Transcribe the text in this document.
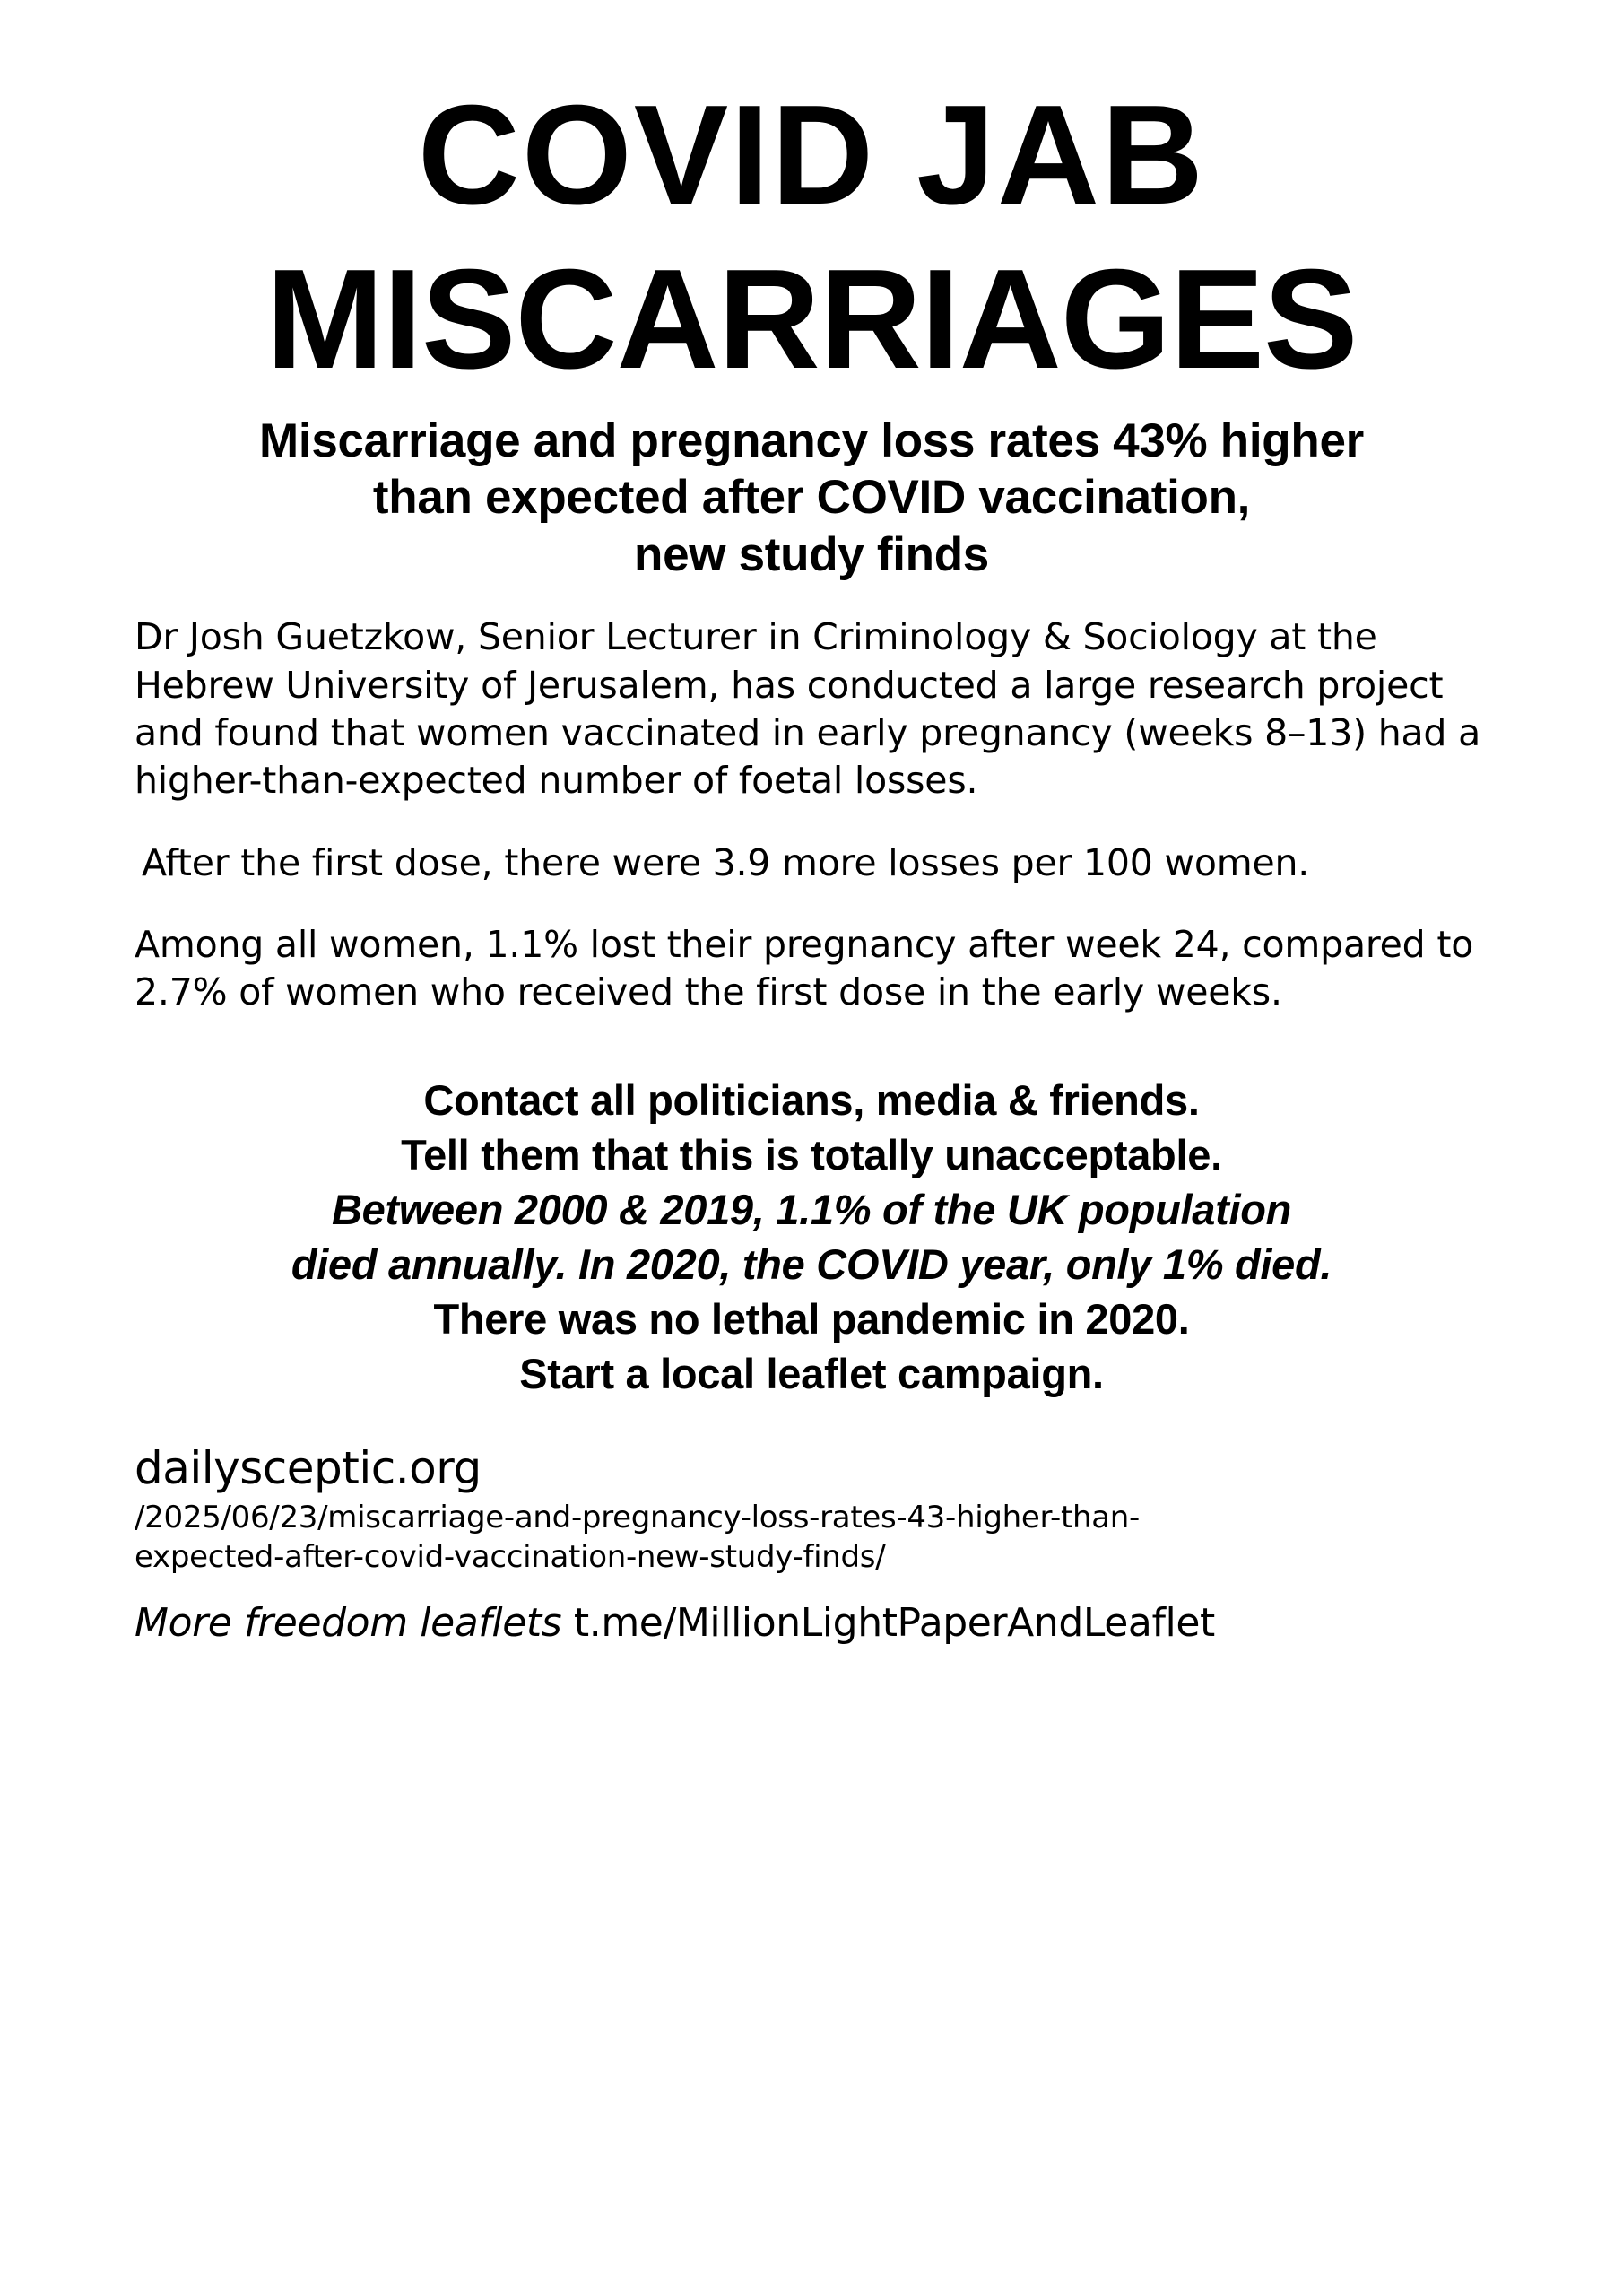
COVID JAB
MISCARRIAGES
Miscarriage and pregnancy loss rates 43% higher
than expected after COVID vaccination,
new study finds

Dr Josh Guetzkow, Senior Lecturer in Criminology & Sociology at the Hebrew University of Jerusalem, has conducted a large research project and found that women vaccinated in early pregnancy (weeks 8–13) had a higher-than-expected number of foetal losses.

After the first dose, there were 3.9 more losses per 100 women.

Among all women, 1.1% lost their pregnancy after week 24, compared to 2.7% of women who received the first dose in the early weeks.

Contact all politicians, media & friends.
Tell them that this is totally unacceptable.
Between 2000 & 2019, 1.1% of the UK population
died annually. In 2020, the COVID year, only 1% died.
There was no lethal pandemic in 2020.
Start a local leaflet campaign.
dailysceptic.org
/2025/06/23/miscarriage-and-pregnancy-loss-rates-43-higher-than-
expected-after-covid-vaccination-new-study-finds/
More freedom leaflets t.me/MillionLightPaperAndLeaflet
